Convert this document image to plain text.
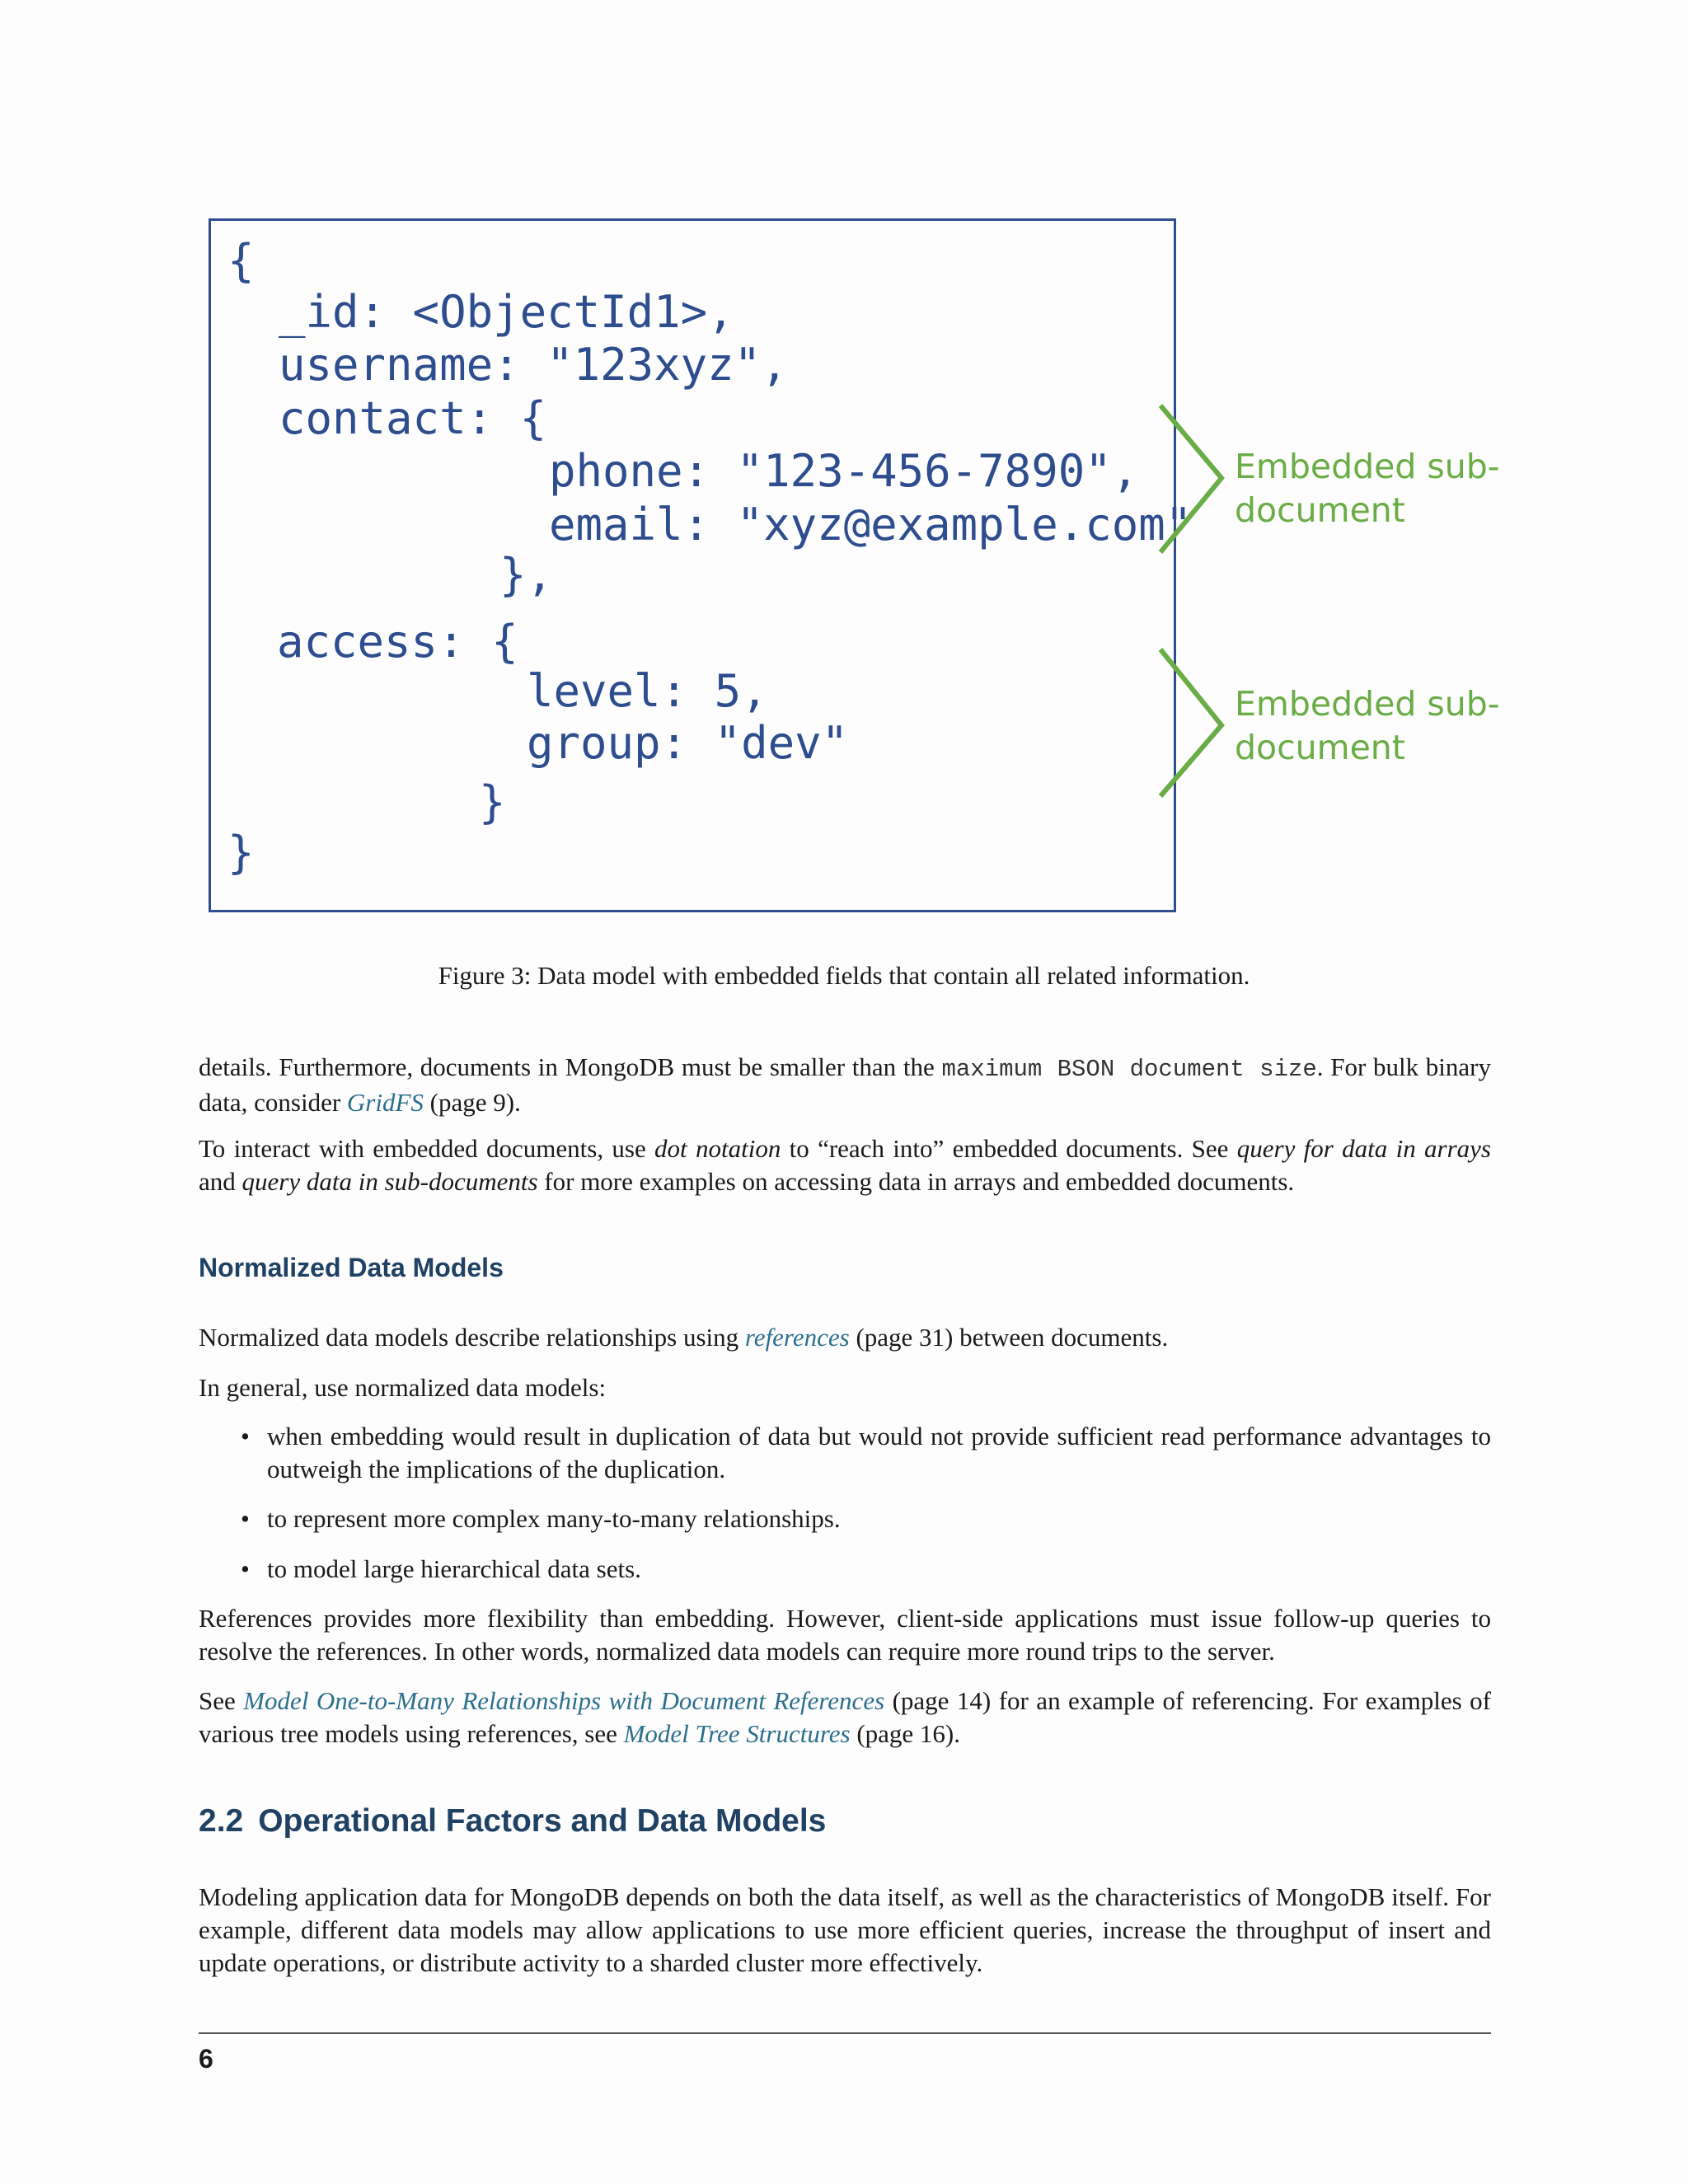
{
_id: <ObjectId1>,
username: "123xyz",
contact: {
phone: "123-456-7890",
email: "xyz@example.com"
},
access: {
level: 5,
group: "dev"
}
}
Embedded sub-
document
Embedded sub-
document
Figure 3: Data model with embedded fields that contain all related information.
details. Furthermore, documents in MongoDB must be smaller than the maximum BSON document size. For bulk binary data, consider GridFS (page 9).
To interact with embedded documents, use dot notation to “reach into” embedded documents. See query for data in arrays and query data in sub-documents for more examples on accessing data in arrays and embedded documents.
Normalized Data Models
Normalized data models describe relationships using references (page 31) between documents.
In general, use normalized data models:
• when embedding would result in duplication of data but would not provide sufficient read performance advantages to outweigh the implications of the duplication.
• to represent more complex many-to-many relationships.
• to model large hierarchical data sets.
References provides more flexibility than embedding. However, client-side applications must issue follow-up queries to resolve the references. In other words, normalized data models can require more round trips to the server.
See Model One-to-Many Relationships with Document References (page 14) for an example of referencing. For examples of various tree models using references, see Model Tree Structures (page 16).
2.2 Operational Factors and Data Models
Modeling application data for MongoDB depends on both the data itself, as well as the characteristics of MongoDB itself. For example, different data models may allow applications to use more efficient queries, increase the throughput of insert and update operations, or distribute activity to a sharded cluster more effectively.
6
